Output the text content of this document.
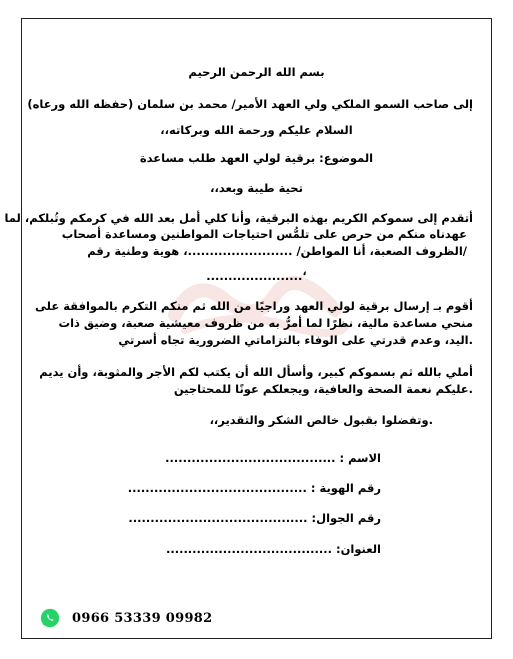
بسم الله الرحمن الرحيم
إلى صاحب السمو الملكي ولي العهد الأمير/ محمد بن سلمان (حفظه الله ورعاه)
السلام عليكم ورحمة الله وبركاته،،
الموضوع: برقية لولي العهد طلب مساعدة
تحية طيبة وبعد،،
أتقدم إلى سموكم الكريم بهذه البرقية، وأنا كلي أمل بعد الله في كرمكم وتُبلكم، لما
عهدناه منكم من حرص على تلمُّس احتياجات المواطنين ومساعدة أصحاب
/الظروف الصعبة، أنا المواطن/ ........................، هوية وطنية رقم
‘......................
أقوم بـ إرسال برقية لولي العهد وراجيًا من الله ثم منكم التكرم بالموافقة على
منحي مساعدة مالية، نظرًا لما أمرُّ به من ظروف معيشية صعبة، وضيق ذات
.اليد، وعدم قدرتي على الوفاء بالتزاماتي الضرورية تجاه أسرتي
أملي بالله ثم بسموكم كبير، وأسأل الله أن يكتب لكم الأجر والمثوبة، وأن يديم
.عليكم نعمة الصحة والعافية، ويجعلكم عونًا للمحتاجين
.وتفضلوا بقبول خالص الشكر والتقدير،،
الاسم : .......................................
رقم الهوية : .........................................
رقم الجوال: .........................................
العنوان: ......................................
0966 53339 09982
